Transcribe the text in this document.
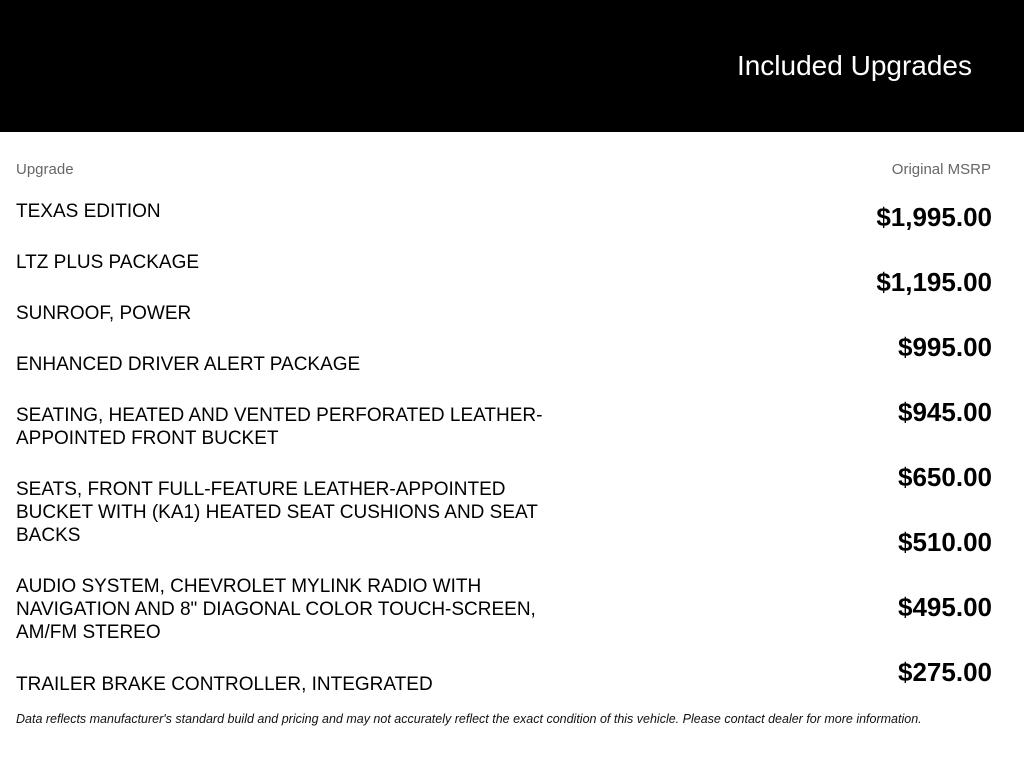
Included Upgrades
Upgrade	Original MSRP
TEXAS EDITION
LTZ PLUS PACKAGE
SUNROOF, POWER
ENHANCED DRIVER ALERT PACKAGE
SEATING, HEATED AND VENTED PERFORATED LEATHER-APPOINTED FRONT BUCKET
SEATS, FRONT FULL-FEATURE LEATHER-APPOINTED BUCKET WITH (KA1) HEATED SEAT CUSHIONS AND SEAT BACKS
AUDIO SYSTEM, CHEVROLET MYLINK RADIO WITH NAVIGATION AND 8" DIAGONAL COLOR TOUCH-SCREEN, AM/FM STEREO
TRAILER BRAKE CONTROLLER, INTEGRATED
$1,995.00
$1,195.00
$995.00
$945.00
$650.00
$510.00
$495.00
$275.00
Data reflects manufacturer's standard build and pricing and may not accurately reflect the exact condition of this vehicle. Please contact dealer for more information.
